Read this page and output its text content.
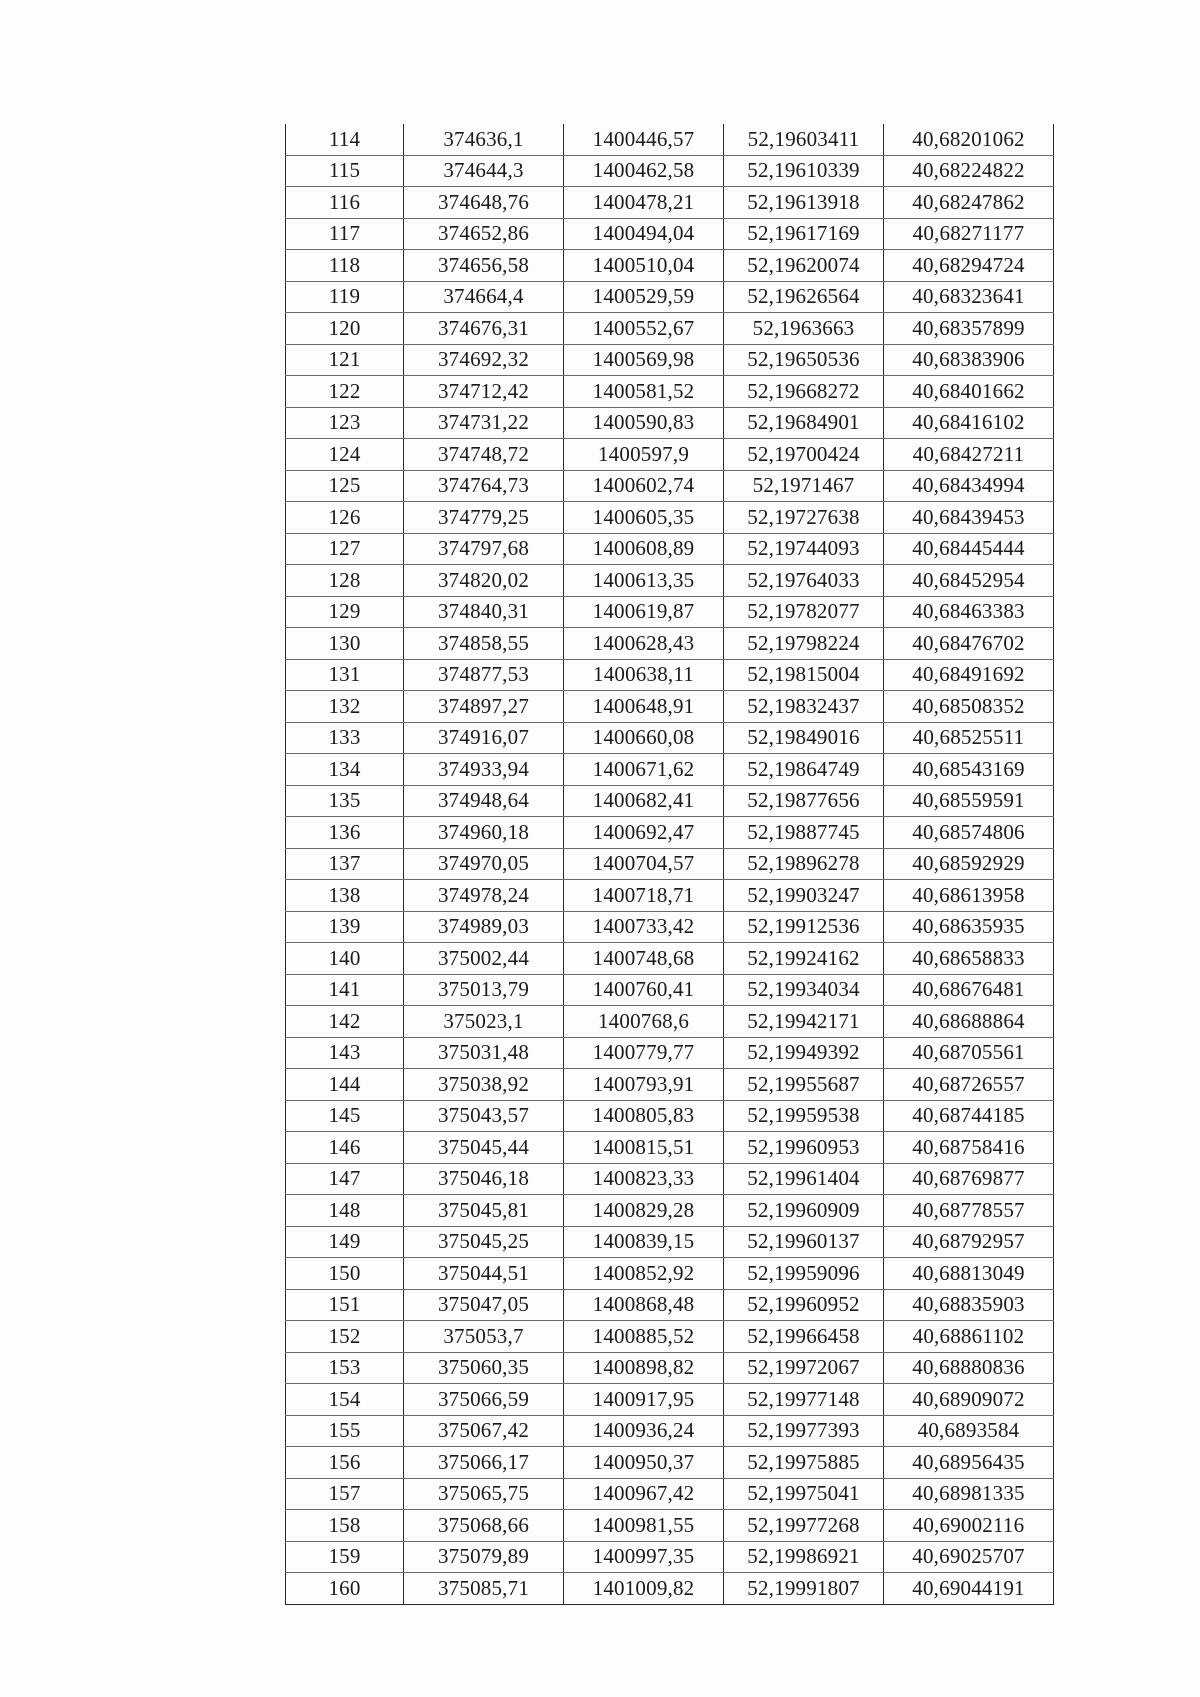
114	374636,1	1400446,57	52,19603411	40,68201062
115	374644,3	1400462,58	52,19610339	40,68224822
116	374648,76	1400478,21	52,19613918	40,68247862
117	374652,86	1400494,04	52,19617169	40,68271177
118	374656,58	1400510,04	52,19620074	40,68294724
119	374664,4	1400529,59	52,19626564	40,68323641
120	374676,31	1400552,67	52,1963663	40,68357899
121	374692,32	1400569,98	52,19650536	40,68383906
122	374712,42	1400581,52	52,19668272	40,68401662
123	374731,22	1400590,83	52,19684901	40,68416102
124	374748,72	1400597,9	52,19700424	40,68427211
125	374764,73	1400602,74	52,1971467	40,68434994
126	374779,25	1400605,35	52,19727638	40,68439453
127	374797,68	1400608,89	52,19744093	40,68445444
128	374820,02	1400613,35	52,19764033	40,68452954
129	374840,31	1400619,87	52,19782077	40,68463383
130	374858,55	1400628,43	52,19798224	40,68476702
131	374877,53	1400638,11	52,19815004	40,68491692
132	374897,27	1400648,91	52,19832437	40,68508352
133	374916,07	1400660,08	52,19849016	40,68525511
134	374933,94	1400671,62	52,19864749	40,68543169
135	374948,64	1400682,41	52,19877656	40,68559591
136	374960,18	1400692,47	52,19887745	40,68574806
137	374970,05	1400704,57	52,19896278	40,68592929
138	374978,24	1400718,71	52,19903247	40,68613958
139	374989,03	1400733,42	52,19912536	40,68635935
140	375002,44	1400748,68	52,19924162	40,68658833
141	375013,79	1400760,41	52,19934034	40,68676481
142	375023,1	1400768,6	52,19942171	40,68688864
143	375031,48	1400779,77	52,19949392	40,68705561
144	375038,92	1400793,91	52,19955687	40,68726557
145	375043,57	1400805,83	52,19959538	40,68744185
146	375045,44	1400815,51	52,19960953	40,68758416
147	375046,18	1400823,33	52,19961404	40,68769877
148	375045,81	1400829,28	52,19960909	40,68778557
149	375045,25	1400839,15	52,19960137	40,68792957
150	375044,51	1400852,92	52,19959096	40,68813049
151	375047,05	1400868,48	52,19960952	40,68835903
152	375053,7	1400885,52	52,19966458	40,68861102
153	375060,35	1400898,82	52,19972067	40,68880836
154	375066,59	1400917,95	52,19977148	40,68909072
155	375067,42	1400936,24	52,19977393	40,6893584
156	375066,17	1400950,37	52,19975885	40,68956435
157	375065,75	1400967,42	52,19975041	40,68981335
158	375068,66	1400981,55	52,19977268	40,69002116
159	375079,89	1400997,35	52,19986921	40,69025707
160	375085,71	1401009,82	52,19991807	40,69044191
